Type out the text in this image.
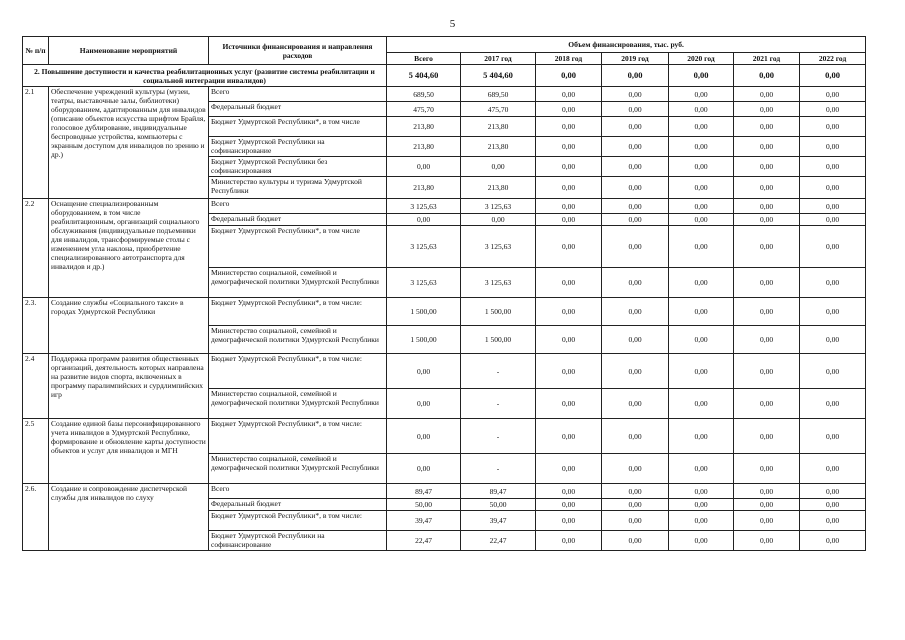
5
№ п/п	Наименование мероприятий	Источники финансирования и направления расходов	Объем финансирования, тыс. руб.						
			Всего	2017 год	2018 год	2019 год	2020 год	2021 год	2022 год
2. Повышение доступности и качества реабилитационных услуг (развитие системы реабилитации и социальной интеграции инвалидов)			5 404,60	5 404,60	0,00	0,00	0,00	0,00	0,00
2.1	Обеспечение учреждений культуры (музеи, театры, выставочные залы, библиотеки) оборудованием, адаптированным для инвалидов (описание объектов искусства шрифтом Брайля, голосовое дублирование, индивидуальные беспроводные устройства, компьютеры с экранным доступом для инвалидов по зрению и др.)	Всего	689,50	689,50	0,00	0,00	0,00	0,00	0,00
		Федеральный бюджет	475,70	475,70	0,00	0,00	0,00	0,00	0,00
		Бюджет Удмуртской Республики*, в том числе	213,80	213,80	0,00	0,00	0,00	0,00	0,00
		Бюджет Удмуртской Республики на софинансирование	213,80	213,80	0,00	0,00	0,00	0,00	0,00
		Бюджет Удмуртской Республики без софинансирования	0,00	0,00	0,00	0,00	0,00	0,00	0,00
		Министерство культуры и туризма Удмуртской Республики	213,80	213,80	0,00	0,00	0,00	0,00	0,00
2.2	Оснащение специализированным оборудованием, в том числе реабилитационным, организаций социального обслуживания (индивидуальные подъемники для инвалидов, трансформируемые столы с изменением угла наклона, приобретение специализированного автотранспорта для инвалидов и др.)	Всего	3 125,63	3 125,63	0,00	0,00	0,00	0,00	0,00
		Федеральный бюджет	0,00	0,00	0,00	0,00	0,00	0,00	0,00
		Бюджет Удмуртской Республики*, в том числе	3 125,63	3 125,63	0,00	0,00	0,00	0,00	0,00
		Министерство социальной, семейной и демографической политики Удмуртской Республики	3 125,63	3 125,63	0,00	0,00	0,00	0,00	0,00
2.3.	Создание службы «Социального такси» в городах Удмуртской Республики	Бюджет Удмуртской Республики*, в том числе:	1 500,00	1 500,00	0,00	0,00	0,00	0,00	0,00
		Министерство социальной, семейной и демографической политики Удмуртской Республики	1 500,00	1 500,00	0,00	0,00	0,00	0,00	0,00
2.4	Поддержка программ развития общественных организаций, деятельность которых направлена на развитие видов спорта, включенных в программу паралимпийских и сурдлимпийских игр	Бюджет Удмуртской Республики*, в том числе:	0,00	-	0,00	0,00	0,00	0,00	0,00
		Министерство социальной, семейной и демографической политики Удмуртской Республики	0,00	-	0,00	0,00	0,00	0,00	0,00
2.5	Создание единой базы персонифицированного учета инвалидов в Удмуртской Республике, формирование и обновление карты доступности объектов и услуг для инвалидов и МГН	Бюджет Удмуртской Республики*, в том числе:	0,00	-	0,00	0,00	0,00	0,00	0,00
		Министерство социальной, семейной и демографической политики Удмуртской Республики	0,00	-	0,00	0,00	0,00	0,00	0,00
2.6.	Создание и сопровождение диспетчерской службы для инвалидов по слуху	Всего	89,47	89,47	0,00	0,00	0,00	0,00	0,00
		Федеральный бюджет	50,00	50,00	0,00	0,00	0,00	0,00	0,00
		Бюджет Удмуртской Республики*, в том числе:	39,47	39,47	0,00	0,00	0,00	0,00	0,00
		Бюджет Удмуртской Республики на софинансирование	22,47	22,47	0,00	0,00	0,00	0,00	0,00
